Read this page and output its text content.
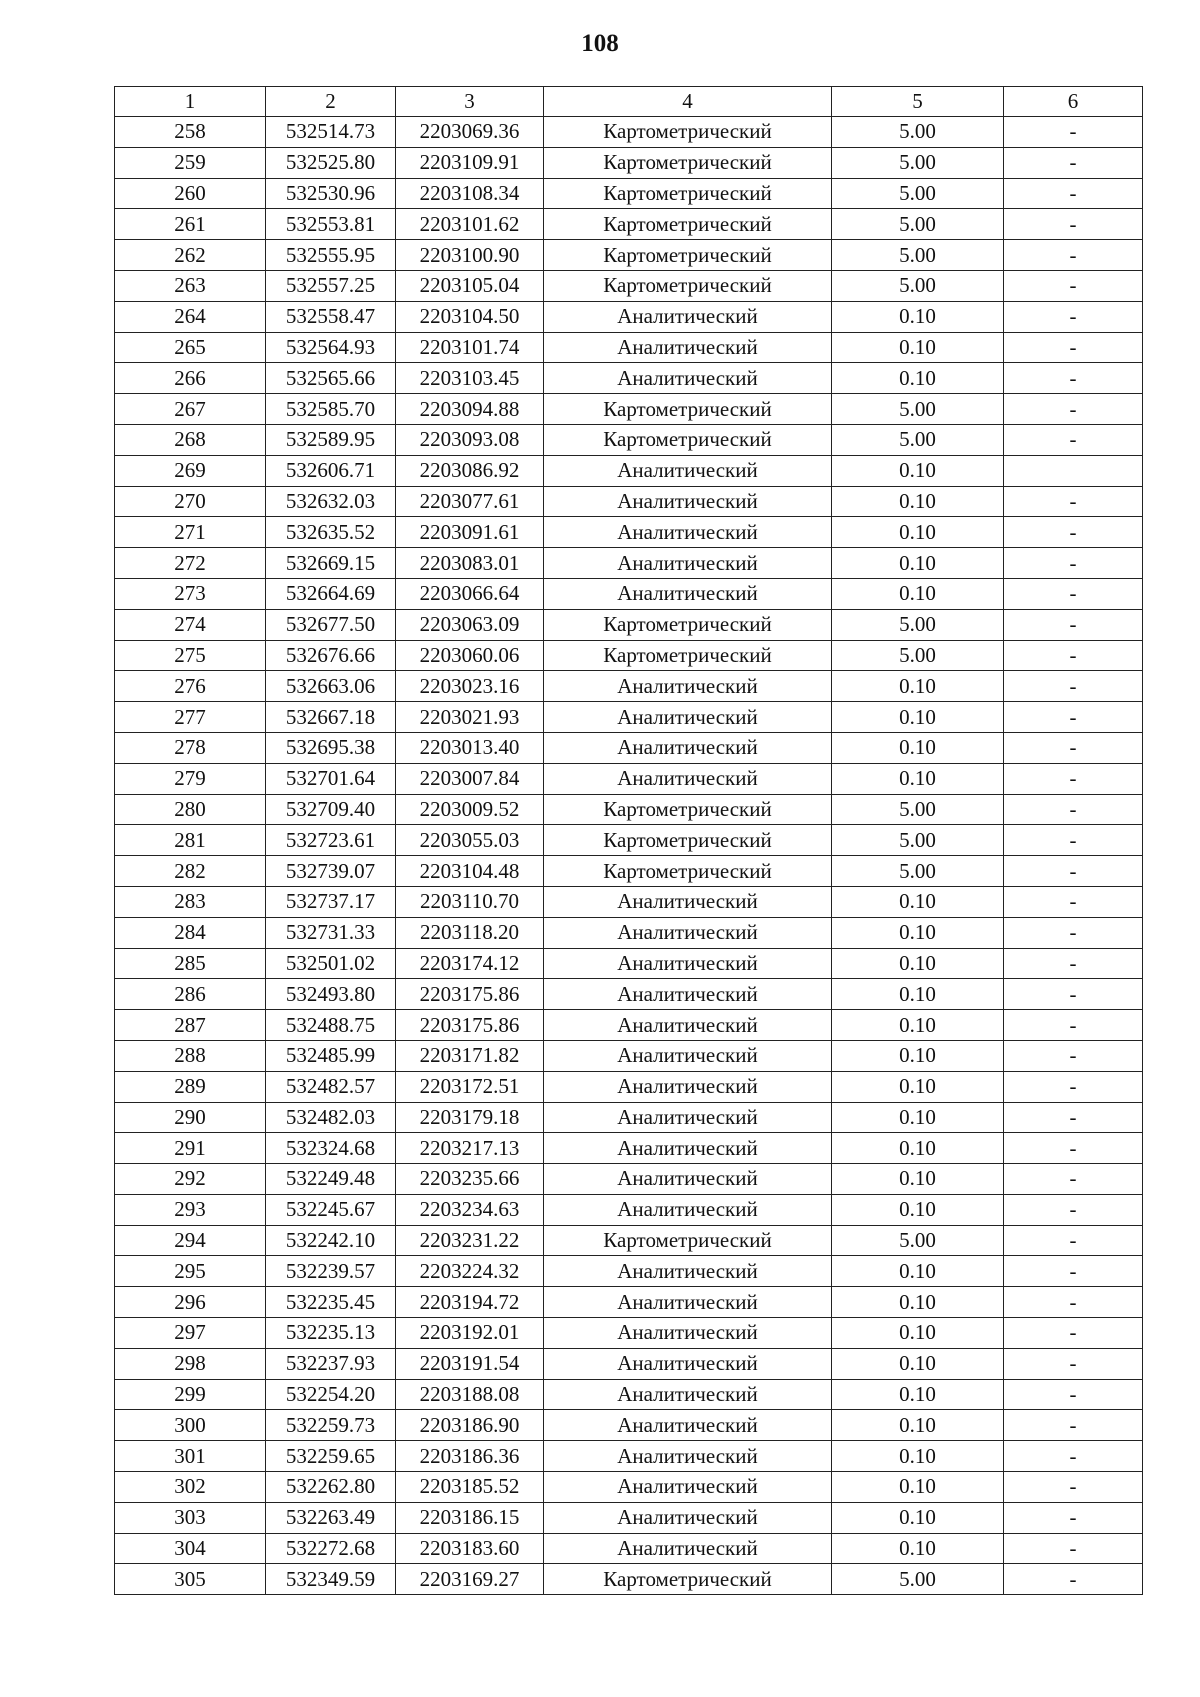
108
1	2	3	4	5	6
258	532514.73	2203069.36	Картометрический	5.00	-
259	532525.80	2203109.91	Картометрический	5.00	-
260	532530.96	2203108.34	Картометрический	5.00	-
261	532553.81	2203101.62	Картометрический	5.00	-
262	532555.95	2203100.90	Картометрический	5.00	-
263	532557.25	2203105.04	Картометрический	5.00	-
264	532558.47	2203104.50	Аналитический	0.10	-
265	532564.93	2203101.74	Аналитический	0.10	-
266	532565.66	2203103.45	Аналитический	0.10	-
267	532585.70	2203094.88	Картометрический	5.00	-
268	532589.95	2203093.08	Картометрический	5.00	-
269	532606.71	2203086.92	Аналитический	0.10	
270	532632.03	2203077.61	Аналитический	0.10	-
271	532635.52	2203091.61	Аналитический	0.10	-
272	532669.15	2203083.01	Аналитический	0.10	-
273	532664.69	2203066.64	Аналитический	0.10	-
274	532677.50	2203063.09	Картометрический	5.00	-
275	532676.66	2203060.06	Картометрический	5.00	-
276	532663.06	2203023.16	Аналитический	0.10	-
277	532667.18	2203021.93	Аналитический	0.10	-
278	532695.38	2203013.40	Аналитический	0.10	-
279	532701.64	2203007.84	Аналитический	0.10	-
280	532709.40	2203009.52	Картометрический	5.00	-
281	532723.61	2203055.03	Картометрический	5.00	-
282	532739.07	2203104.48	Картометрический	5.00	-
283	532737.17	2203110.70	Аналитический	0.10	-
284	532731.33	2203118.20	Аналитический	0.10	-
285	532501.02	2203174.12	Аналитический	0.10	-
286	532493.80	2203175.86	Аналитический	0.10	-
287	532488.75	2203175.86	Аналитический	0.10	-
288	532485.99	2203171.82	Аналитический	0.10	-
289	532482.57	2203172.51	Аналитический	0.10	-
290	532482.03	2203179.18	Аналитический	0.10	-
291	532324.68	2203217.13	Аналитический	0.10	-
292	532249.48	2203235.66	Аналитический	0.10	-
293	532245.67	2203234.63	Аналитический	0.10	-
294	532242.10	2203231.22	Картометрический	5.00	-
295	532239.57	2203224.32	Аналитический	0.10	-
296	532235.45	2203194.72	Аналитический	0.10	-
297	532235.13	2203192.01	Аналитический	0.10	-
298	532237.93	2203191.54	Аналитический	0.10	-
299	532254.20	2203188.08	Аналитический	0.10	-
300	532259.73	2203186.90	Аналитический	0.10	-
301	532259.65	2203186.36	Аналитический	0.10	-
302	532262.80	2203185.52	Аналитический	0.10	-
303	532263.49	2203186.15	Аналитический	0.10	-
304	532272.68	2203183.60	Аналитический	0.10	-
305	532349.59	2203169.27	Картометрический	5.00	-
